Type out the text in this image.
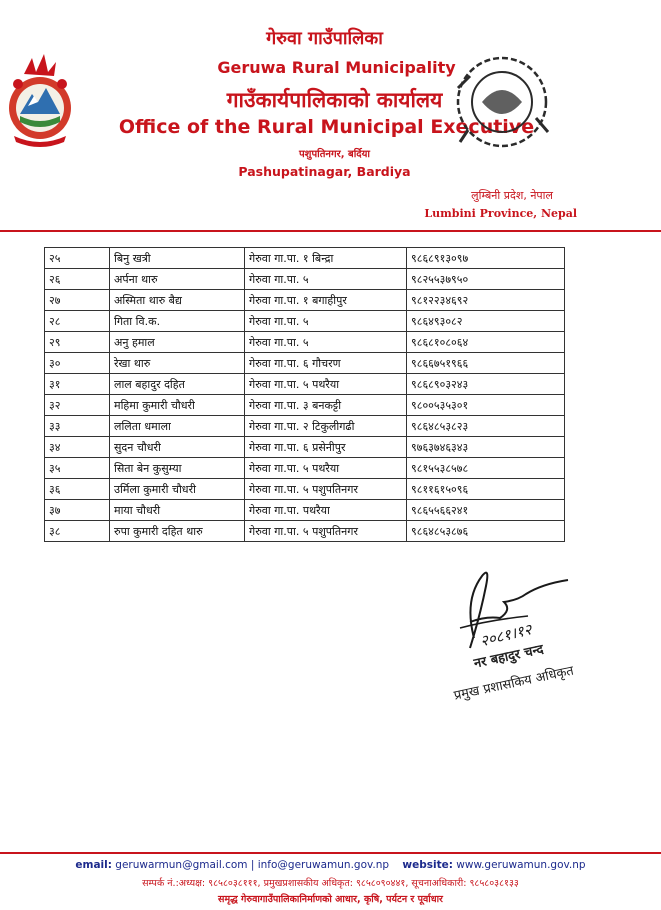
गेरुवा गाउँपालिका
Geruwa Rural Municipality
गाउँकार्यपालिकाको कार्यालय
Office of the Rural Municipal Executive
पशुपतिनगर, बर्दिया
Pashupatinagar, Bardiya
लुम्बिनी प्रदेश, नेपाल
Lumbini Province, Nepal
२५	बिनु खत्री	गेरुवा गा.पा. १ बिन्द्रा	९८६८९१३०९७
२६	अर्पना थारु	गेरुवा गा.पा. ५	९८२५५३७९५०
२७	अस्मिता थारु बैद्य	गेरुवा गा.पा. १ बगाहीपुर	९८१२२३४६९२
२८	गिता वि.क.	गेरुवा गा.पा. ५	९८६४९३०८२
२९	अनु हमाल	गेरुवा गा.पा. ५	९८६८१०८०६४
३०	रेखा थारु	गेरुवा गा.पा. ६ गौचरण	९८६६७५१९६६
३१	लाल बहादुर दहित	गेरुवा गा.पा. ५ पथरैया	९८६८९०३२४३
३२	महिमा कुमारी चौधरी	गेरुवा गा.पा. ३ बनकट्टी	९८००५३५३०१
३३	ललिता धमाला	गेरुवा गा.पा. २ टिकुलीगढी	९८६४८५३८२३
३४	सुदन चौधरी	गेरुवा गा.पा. ६ प्रसेनीपुर	९७६३७४६३४३
३५	सिता बेन कुसुम्या	गेरुवा गा.पा. ५ पथरैया	९८१५५३८५७८
३६	उर्मिला कुमारी चौधरी	गेरुवा गा.पा. ५ पशुपतिनगर	९८११६१५०९६
३७	माया चौधरी	गेरुवा गा.पा. पथरैया	९८६५५६६२४१
३८	रुपा कुमारी दहित थारु	गेरुवा गा.पा. ५ पशुपतिनगर	९८६४८५३८७६
२०८१।१२
नर बहादुर चन्द
प्रमुख प्रशासकिय अधिकृत
email: geruwarmun@gmail.com | info@geruwamun.gov.np website: www.geruwamun.gov.np
सम्पर्क नं.:अध्यक्ष: ९८५८०३८१११, प्रमुखप्रशासकीय अधिकृत: ९८५८०९०४४१, सूचनाअधिकारी: ९८५८०३८१३३
समृद्ध गेरुवागाउँपालिकानिर्माणको आधार, कृषि, पर्यटन र पूर्वाधार
